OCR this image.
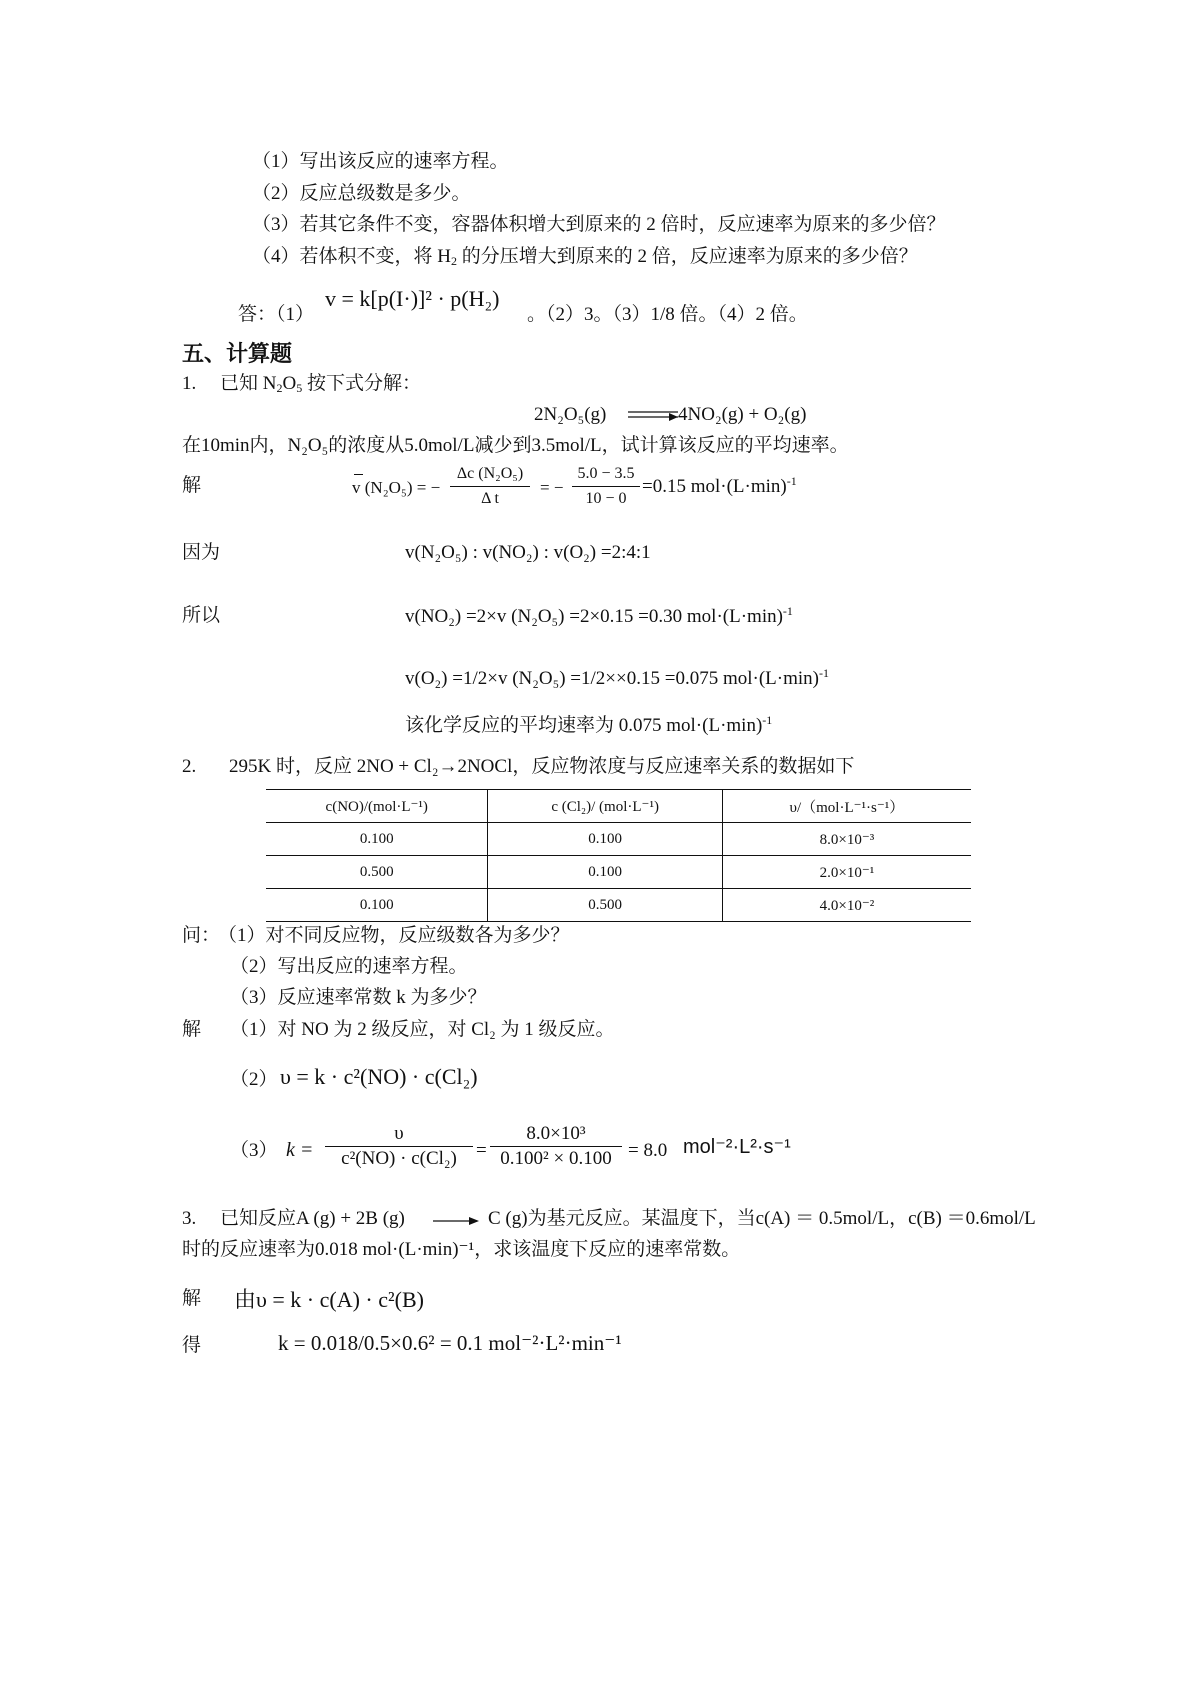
（1）写出该反应的速率方程。
（2）反应总级数是多少。
（3）若其它条件不变，容器体积增大到原来的 2 倍时，反应速率为原来的多少倍？
（4）若体积不变，将 $H_2$ 的分压增大到原来的 2 倍，反应速率为原来的多少倍？
答：（1）
v = k[p(I·)]² · p(H₂)
。（2）3。（3）1/8 倍。（4）2 倍。
五、计算题
1. 已知 $N_2O_5$ 按下式分解：
2N₂O₅(g)	4NO₂(g) + O₂(g)
在10min内，N₂O₅的浓度从5.0mol/L减少到3.5mol/L，试计算该反应的平均速率。
解	v (N₂O₅) = −
Δc (N₂O₅)
Δ t
= −
5.0 − 3.5
10 − 0
=0.15 $mol\cdot(L\cdot\min)^{-1}$
因为	v(N₂O₅) : v(NO₂) : v(O₂) =2:4:1
所以	v(NO₂) =2×v (N₂O₅) =2×0.15 =0.30 $mol\cdot(L\cdot\min)^{-1}$
v(O₂) =1/2×v (N₂O₅) =1/2××0.15 =0.075 $mol\cdot(L\cdot\min)^{-1}$
该化学反应的平均速率为 0.075 $mol\cdot(L\cdot\min)^{-1}$
2. 295K 时，反应 2NO + Cl₂→2NOCl，反应物浓度与反应速率关系的数据如下
c(NO)/(mol·L⁻¹)	c (Cl₂)/ (mol·L⁻¹)	υ/（mol·L⁻¹·s⁻¹）
0.100	0.100	8.0×10⁻³
0.500	0.100	2.0×10⁻¹
0.100	0.500	4.0×10⁻²
问：
（1）对不同反应物，反应级数各为多少？
（2）写出反应的速率方程。
（3）反应速率常数 k 为多少？
解 （1）对 NO 为 2 级反应，对 Cl₂ 为 1 级反应。
（2） υ = k · c²(NO) · c(Cl₂)
（3） k =
υ
c²(NO) · c(Cl₂)	=
8.0×10³
0.100² × 0.100 = 8.0 mol⁻²·L²·s⁻¹
3. 已知反应A (g) + 2B (g) → C (g)为基元反应。某温度下，当c(A) ＝ 0.5mol/L，c(B) ＝0.6mol/L
时的反应速率为0.018 mol·(L·min)⁻¹，求该温度下反应的速率常数。
解 由υ = k · c(A) · c²(B)
得	k = 0.018/0.5×0.6² = 0.1 mol⁻²·L²·min⁻¹
